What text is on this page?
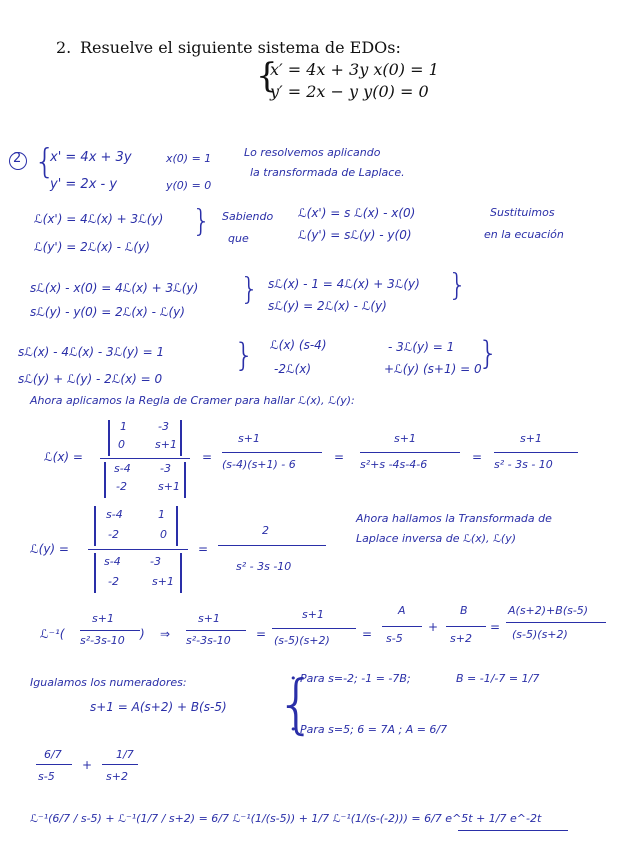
2. Resuelve el siguiente sistema de EDOs:
{
x′ = 4x + 3y x(0) = 1
y′ = 2x − y y(0) = 0
2 {
x' = 4x + 3y	x(0) = 1
y' = 2x - y	y(0) = 0
Lo resolvemos aplicando
la transformada de Laplace.
ℒ(x') = 4ℒ(x) + 3ℒ(y)
ℒ(y') = 2ℒ(x) - ℒ(y)
} Sabiendo
que
ℒ(x') = s ℒ(x) - x(0)
ℒ(y') = sℒ(y) - y(0)
Sustituimos
en la ecuación
sℒ(x) - x(0) = 4ℒ(x) + 3ℒ(y)
sℒ(y) - y(0) = 2ℒ(x) - ℒ(y)
} sℒ(x) - 1 = 4ℒ(x) + 3ℒ(y)
sℒ(y) = 2ℒ(x) - ℒ(y)
}
sℒ(x) - 4ℒ(x) - 3ℒ(y) = 1
sℒ(y) + ℒ(y) - 2ℒ(x) = 0
} ℒ(x) (s-4)	- 3ℒ(y) = 1
-2ℒ(x)	+ℒ(y) (s+1) = 0
}
Ahora aplicamos la Regla de Cramer para hallar ℒ(x), ℒ(y):
ℒ(x) =
1	-3
0	s+1
s-4	-3
-2	s+1
=
s+1
(s-4)(s+1) - 6
=
s+1
s²+s -4s-4-6
=
s+1
s² - 3s - 10
ℒ(y) =
s-4	1
-2	0
s-4	-3
-2	s+1
=
2
s² - 3s -10
Ahora hallamos la Transformada de
Laplace inversa de ℒ(x), ℒ(y)
ℒ⁻¹(
s+1
s²-3s-10 ) ⇒
s+1
s²-3s-10 =
s+1
(s-5)(s+2)	=
A
s-5
+
B
s+2
=
A(s+2)+B(s-5)
(s-5)(s+2)
Igualamos los numeradores:
s+1 = A(s+2) + B(s-5) {
• Para s=-2; -1 = -7B;	B = -1/-7 = 1/7
• Para s=5; 6 = 7A ; A = 6/7
6/7
s-5
+
1/7
s+2
ℒ⁻¹(6/7 / s-5) + ℒ⁻¹(1/7 / s+2) = 6/7 ℒ⁻¹(1/(s-5)) + 1/7 ℒ⁻¹(1/(s-(-2))) = 6/7 e^5t + 1/7 e^-2t
